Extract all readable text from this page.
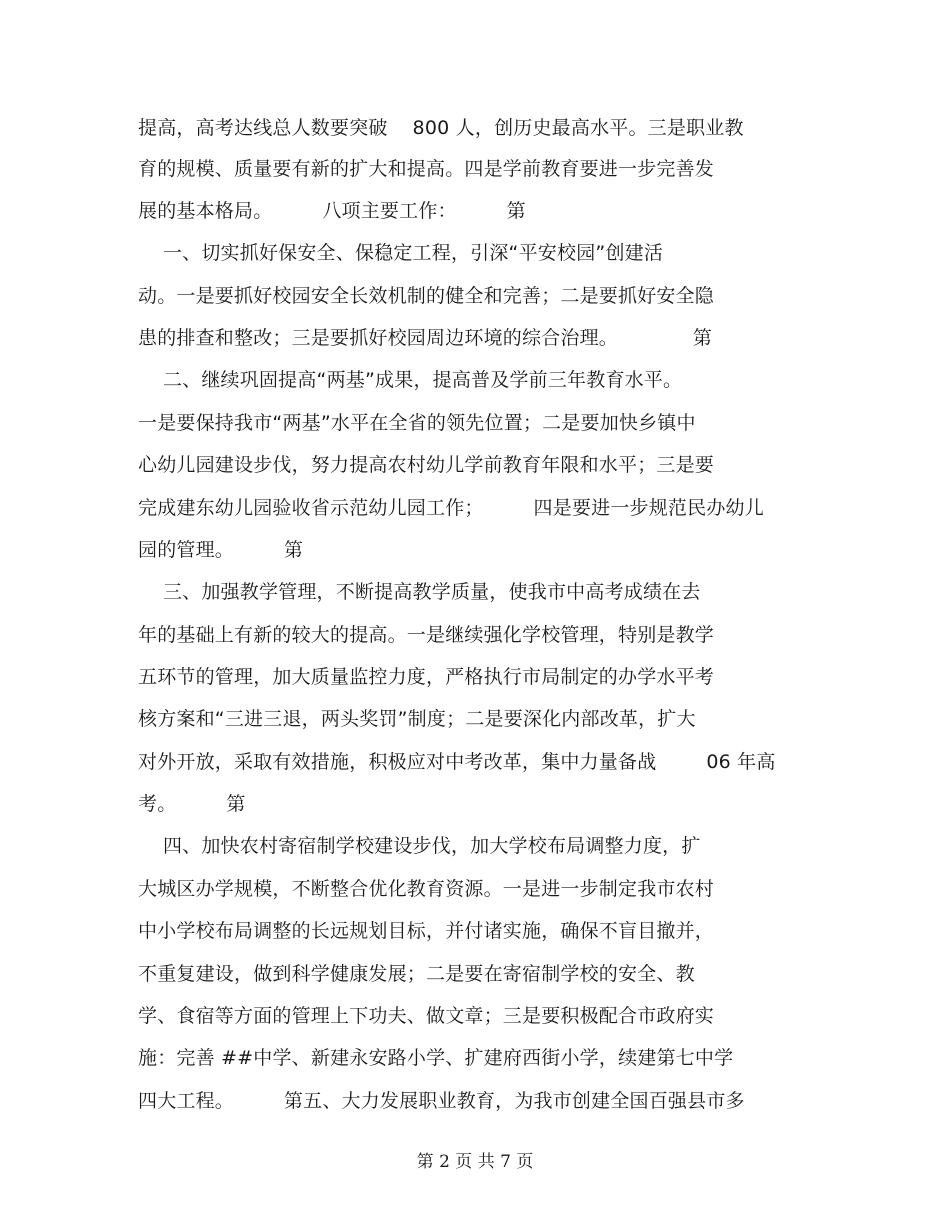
提高，高考达线总人数要突破    800 人，创历史最高水平。三是职业教
育的规模、质量要有新的扩大和提高。四是学前教育要进一步完善发
展的基本格局。        八项主要工作：        第
一、切实抓好保安全、保稳定工程，引深“平安校园”创建活
动。一是要抓好校园安全长效机制的健全和完善；二是要抓好安全隐
患的排查和整改；三是要抓好校园周边环境的综合治理。            第
二、继续巩固提高“两基”成果，提高普及学前三年教育水平。
一是要保持我市“两基”水平在全省的领先位置；二是要加快乡镇中
心幼儿园建设步伐，努力提高农村幼儿学前教育年限和水平；三是要
完成建东幼儿园验收省示范幼儿园工作；        四是要进一步规范民办幼儿
园的管理。        第
三、加强教学管理，不断提高教学质量，使我市中高考成绩在去
年的基础上有新的较大的提高。一是继续强化学校管理，特别是教学
五环节的管理，加大质量监控力度，严格执行市局制定的办学水平考
核方案和“三进三退，两头奖罚”制度；二是要深化内部改革，扩大
对外开放，采取有效措施，积极应对中考改革，集中力量备战        06 年高
考。        第
四、加快农村寄宿制学校建设步伐，加大学校布局调整力度，扩
大城区办学规模，不断整合优化教育资源。一是进一步制定我市农村
中小学校布局调整的长远规划目标，并付诸实施，确保不盲目撤并，
不重复建设，做到科学健康发展；二是要在寄宿制学校的安全、教
学、食宿等方面的管理上下功夫、做文章；三是要积极配合市政府实
施：完善 ##中学、新建永安路小学、扩建府西街小学，续建第七中学
四大工程。        第五、大力发展职业教育，为我市创建全国百强县市多
第 2 页 共 7 页
